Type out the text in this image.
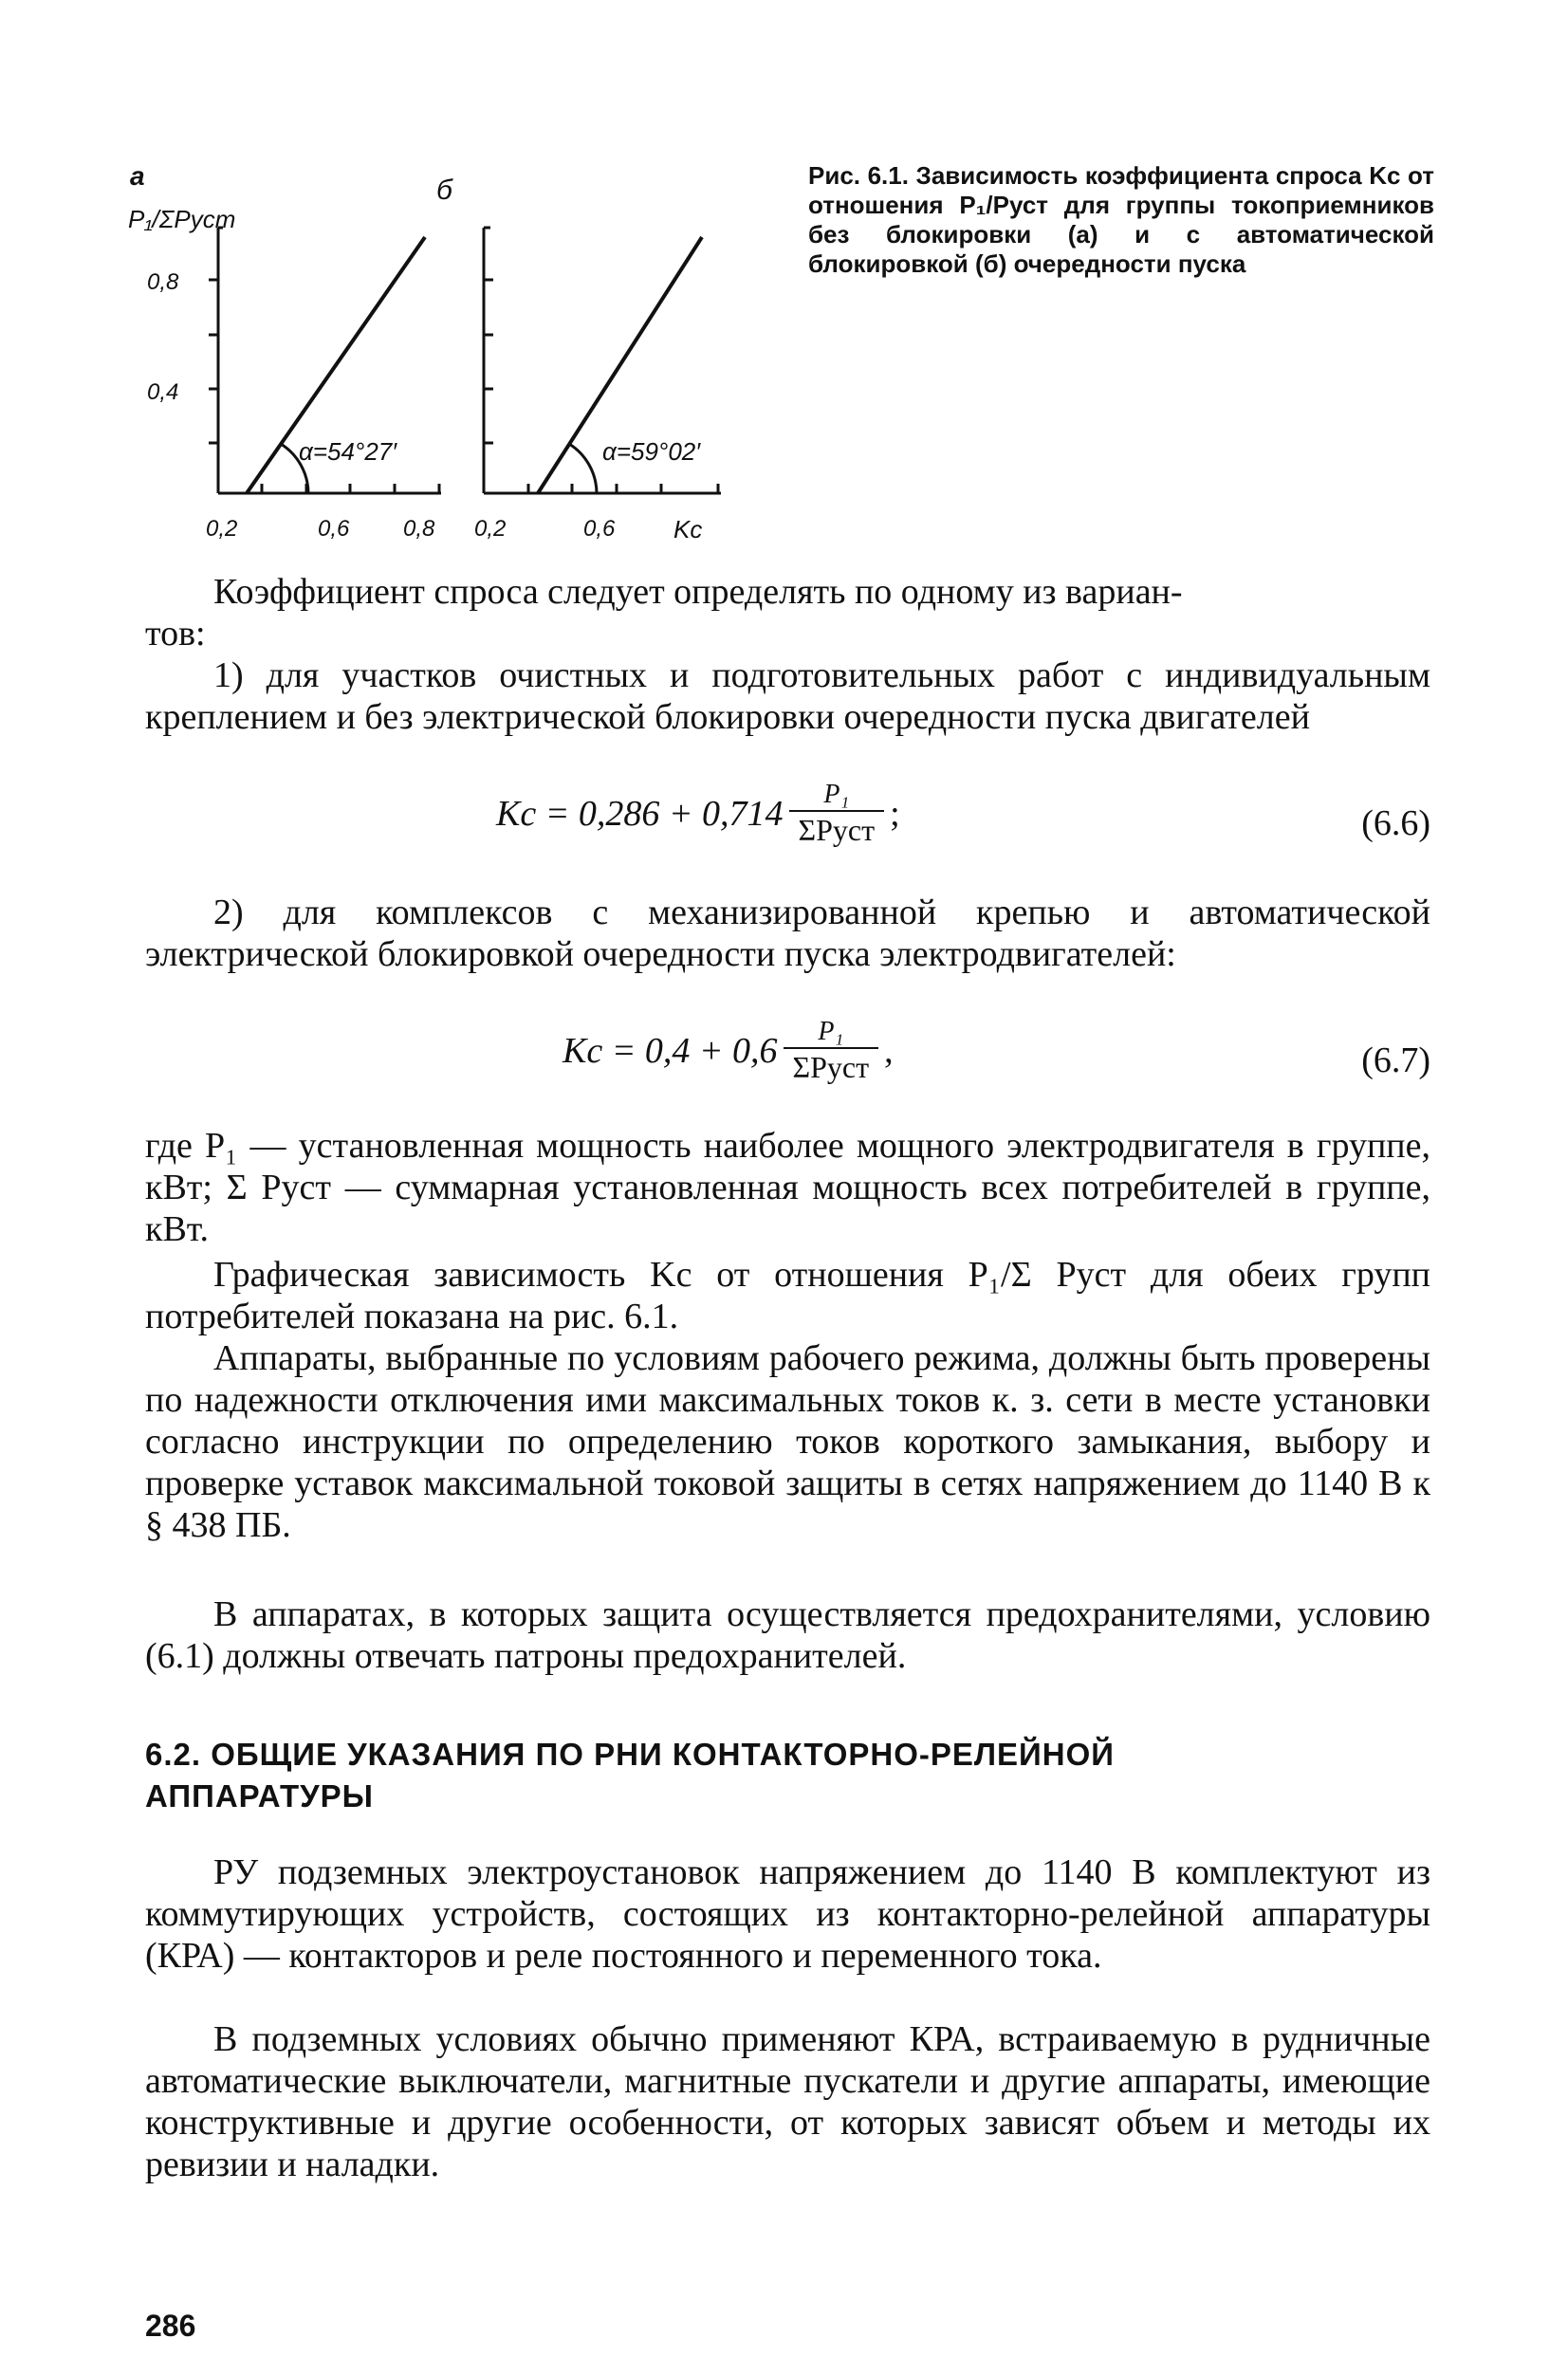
а	б
P₁/ΣPуст
α=54°27′
0,8
0,4
α=59°02′
0,2	0,6 0,8 0,2	0,6 Kс
Рис. 6.1. Зависимость коэффициента спроса Kс от отношения P₁/Pуст для группы токоприемников без блокировки (а) и с автоматической блокировкой (б) очередности пуска
Коэффициент спроса следует определять по одному из вариан-
тов:
1) для участков очистных и подготовительных работ с индивидуальным креплением и без электрической блокировки очередности пуска двигателей
Kс = $0,286 + 0,714 \frac{\text{P₁}}{\text{ΣPуст}}$ ;	(6.6)
2) для комплексов с механизированной крепью и автоматической электрической блокировкой очередности пуска электродвигателей:
Kс = $0,4 + 0,6 \frac{\text{P₁}}{\text{ΣPуст}}$ ,	(6.7)
где P₁ — установленная мощность наиболее мощного электродвигателя в группе, кВт; Σ Pуст — суммарная установленная мощность всех потребителей в группе, кВт.
Графическая зависимость Kс от отношения P₁/Σ Pуст для обеих групп потребителей показана на рис. 6.1.
Аппараты, выбранные по условиям рабочего режима, должны быть проверены по надежности отключения ими максимальных токов к. з. сети в месте установки согласно инструкции по определению токов короткого замыкания, выбору и проверке уставок максимальной токовой защиты в сетях напряжением до 1140 В к § 438 ПБ.
В аппаратах, в которых защита осуществляется предохранителями, условию (6.1) должны отвечать патроны предохранителей.
6.2. ОБЩИЕ УКАЗАНИЯ ПО РНИ КОНТАКТОРНО-РЕЛЕЙНОЙ
АППАРАТУРЫ
РУ подземных электроустановок напряжением до 1140 В комплектуют из коммутирующих устройств, состоящих из контакторно-релейной аппаратуры (КРА) — контакторов и реле постоянного и переменного тока.
В подземных условиях обычно применяют КРА, встраиваемую в рудничные автоматические выключатели, магнитные пускатели и другие аппараты, имеющие конструктивные и другие особенности, от которых зависят объем и методы их ревизии и наладки.
286
